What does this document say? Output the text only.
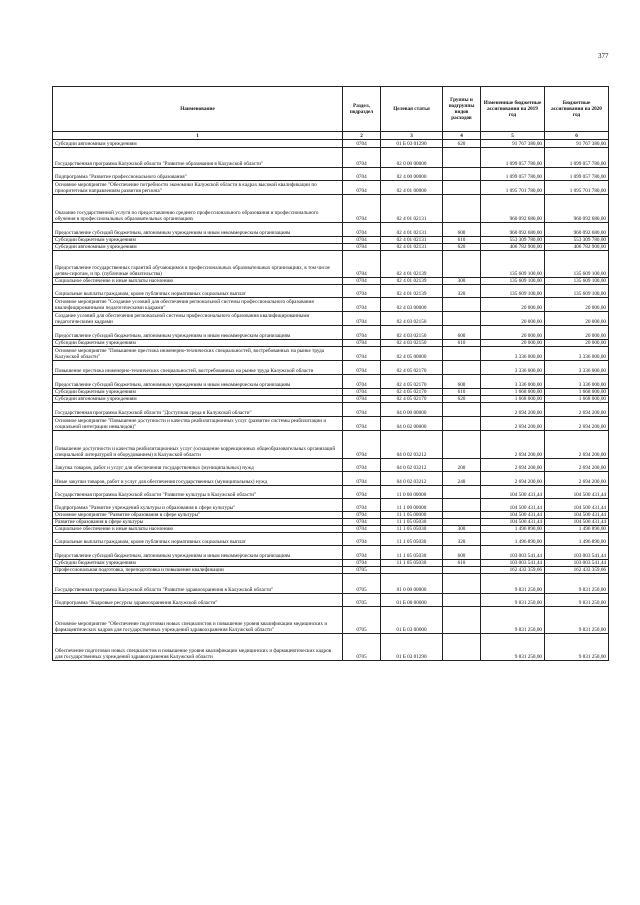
377
Наименование	Раздел, подраздел	Целевая статья	Группы и подгруппы видов расходов	Измененные бюджетные ассигнования на 2019 год	Бюджетные ассигнования на 2020 год
1	2	3	4	5	6
Субсидии автономным учреждениям	0704	01 Б 03 01290	620	91 767 380,00	91 767 380,00
Государственная программа Калужской области "Развитие образования в Калужской области"	0704	02 0 00 00000		1 099 057 780,00	1 099 057 780,00
Подпрограмма "Развитие профессионального образования"	0704	02 4 00 00000		1 099 057 780,00	1 099 057 780,00
Основное мероприятие "Обеспечение потребности экономики Калужской области в кадрах высокой квалификации по приоритетным направлениям развития региона"	0704	02 4 01 00000		1 095 701 780,00	1 095 701 780,00
Оказание государственной услуги по предоставлению среднего профессионального образования и профессионального обучения в профессиональных образовательных организациях	0704	02 4 01 02131		960 092 680,00	960 092 680,00
Предоставление субсидий бюджетным, автономным учреждениям и иным некоммерческим организациям	0704	02 4 01 02131	600	960 092 680,00	960 092 680,00
Субсидии бюджетным учреждениям	0704	02 4 01 02131	610	553 309 780,00	553 309 780,00
Субсидии автономным учреждениям	0704	02 4 01 02131	620	406 782 900,00	406 782 900,00
Предоставление государственных гарантий обучающимся в профессиональных образовательных организациях, в том числе детям-сиротам, и пр. (публичные обязательства)	0704	02 4 01 02139		135 609 100,00	135 609 100,00
Социальное обеспечение и иные выплаты населению	0704	02 4 01 02139	300	135 609 100,00	135 609 100,00
Социальные выплаты гражданам, кроме публичных нормативных социальных выплат	0704	02 4 01 02139	320	135 609 100,00	135 609 100,00
Основное мероприятие "Создание условий для обеспечения региональной системы профессионального образования квалифицированными педагогическими кадрами"	0704	02 4 03 00000		20 000,00	20 000,00
Создание условий для обеспечения региональной системы профессионального образования квалифицированными педагогическими кадрами	0704	02 4 03 02150		20 000,00	20 000,00
Предоставление субсидий бюджетным, автономным учреждениям и иным некоммерческим организациям	0704	02 4 03 02150	600	20 000,00	20 000,00
Субсидии бюджетным учреждениям	0704	02 4 03 02150	610	20 000,00	20 000,00
Основное мероприятие "Повышение престижа инженерно-технических специальностей, востребованных на рынке труда Калужской области"	0704	02 4 05 00000		3 336 000,00	3 336 000,00
Повышение престижа инженерно-технических специальностей, востребованных на рынке труда Калужской области	0704	02 4 05 02170		3 336 000,00	3 336 000,00
Предоставление субсидий бюджетным, автономным учреждениям и иным некоммерческим организациям	0704	02 4 05 02170	600	3 336 000,00	3 336 000,00
Субсидии бюджетным учреждениям	0704	02 4 05 02170	610	1 668 000,00	1 668 000,00
Субсидии автономным учреждениям	0704	02 4 05 02170	620	1 668 000,00	1 668 000,00
Государственная программа Калужской области "Доступная среда в Калужской области"	0704	04 0 00 00000		2 694 200,00	2 694 200,00
Основное мероприятие "Повышение доступности и качества реабилитационных услуг (развитие системы реабилитации и социальной интеграции инвалидов)"	0704	04 0 02 00000		2 694 200,00	2 694 200,00
Повышение доступности и качества реабилитационных услуг (оснащение коррекционных общеобразовательных организаций специальной литературой и оборудованием) в Калужской области	0704	04 0 02 03212		2 694 200,00	2 694 200,00
Закупка товаров, работ и услуг для обеспечения государственных (муниципальных) нужд	0704	04 0 02 03212	200	2 694 200,00	2 694 200,00
Иные закупки товаров, работ и услуг для обеспечения государственных (муниципальных) нужд	0704	04 0 02 03212	240	2 694 200,00	2 694 200,00
Государственная программа Калужской области "Развитие культуры в Калужской области"	0704	11 0 00 00000		104 500 431,44	104 500 431,44
Подпрограмма "Развитие учреждений культуры и образования в сфере культуры"	0704	11 1 00 00000		104 500 431,44	104 500 431,44
Основное мероприятие "Развитие образования в сфере культуры"	0704	11 1 05 00000		104 500 431,44	104 500 431,44
Развитие образования в сфере культуры	0704	11 1 05 05030		104 500 431,44	104 500 431,44
Социальное обеспечение и иные выплаты населению	0704	11 1 05 05030	300	1 496 890,00	1 496 890,00
Социальные выплаты гражданам, кроме публичных нормативных социальных выплат	0704	11 1 05 05030	320	1 496 890,00	1 496 890,00
Предоставление субсидий бюджетным, автономным учреждениям и иным некоммерческим организациям	0704	11 1 05 05030	600	103 003 541,44	103 003 541,44
Субсидии бюджетным учреждениям	0704	11 1 05 05030	610	103 003 541,44	103 003 541,44
Профессиональная подготовка, переподготовка и повышение квалификации	0705			162 432 359,66	162 432 359,66
Государственная программа Калужской области "Развитие здравоохранения в Калужской области"	0705	01 0 00 00000		9 831 250,00	9 831 250,00
Подпрограмма "Кадровые ресурсы здравоохранения Калужской области"	0705	01 Б 00 00000		9 831 250,00	9 831 250,00
Основное мероприятие "Обеспечение подготовки новых специалистов и повышение уровня квалификации медицинских и фармацевтических кадров для государственных учреждений здравоохранения Калужской области"	0705	01 Б 03 00000		9 831 250,00	9 831 250,00
Обеспечение подготовки новых специалистов и повышение уровня квалификации медицинских и фармацевтических кадров для государственных учреждений здравоохранения Калужской области	0705	01 Б 03 01290		9 831 250,00	9 831 250,00
